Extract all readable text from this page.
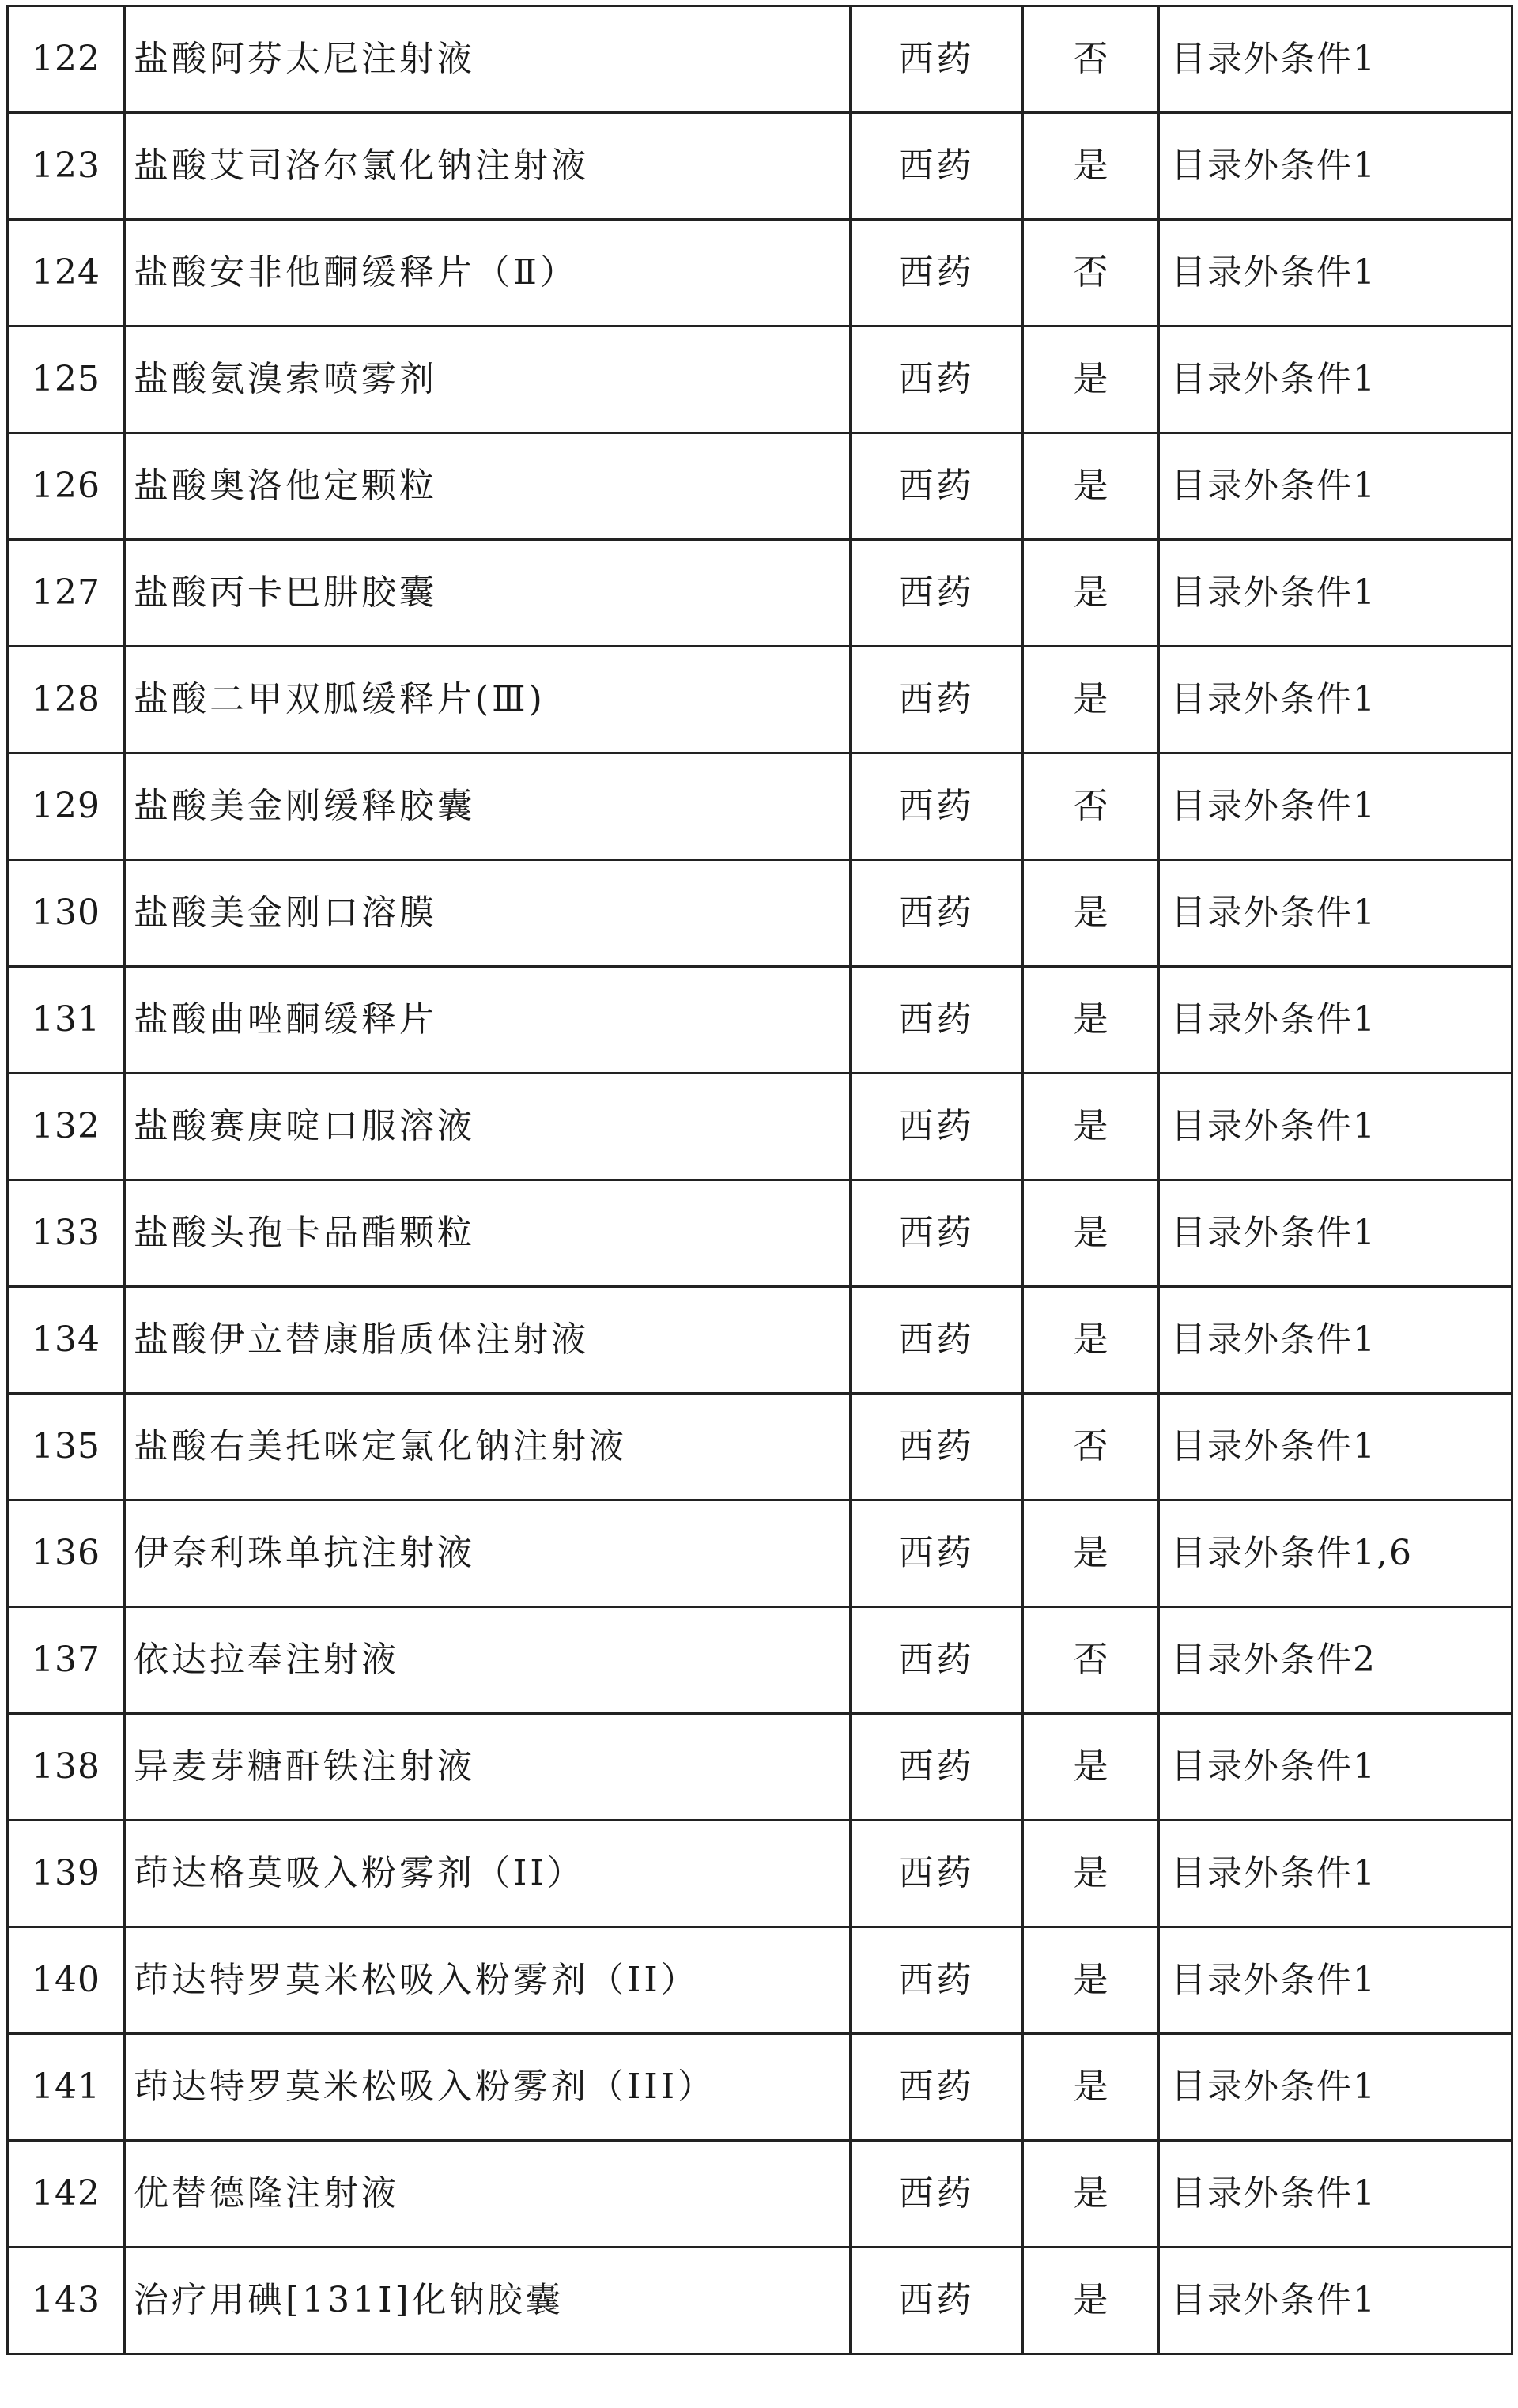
122	盐酸阿芬太尼注射液	西药	否	目录外条件1
123	盐酸艾司洛尔氯化钠注射液	西药	是	目录外条件1
124	盐酸安非他酮缓释片（Ⅱ）	西药	否	目录外条件1
125	盐酸氨溴索喷雾剂	西药	是	目录外条件1
126	盐酸奥洛他定颗粒	西药	是	目录外条件1
127	盐酸丙卡巴肼胶囊	西药	是	目录外条件1
128	盐酸二甲双胍缓释片(Ⅲ)	西药	是	目录外条件1
129	盐酸美金刚缓释胶囊	西药	否	目录外条件1
130	盐酸美金刚口溶膜	西药	是	目录外条件1
131	盐酸曲唑酮缓释片	西药	是	目录外条件1
132	盐酸赛庚啶口服溶液	西药	是	目录外条件1
133	盐酸头孢卡品酯颗粒	西药	是	目录外条件1
134	盐酸伊立替康脂质体注射液	西药	是	目录外条件1
135	盐酸右美托咪定氯化钠注射液	西药	否	目录外条件1
136	伊奈利珠单抗注射液	西药	是	目录外条件1,6
137	依达拉奉注射液	西药	否	目录外条件2
138	异麦芽糖酐铁注射液	西药	是	目录外条件1
139	茚达格莫吸入粉雾剂（II）	西药	是	目录外条件1
140	茚达特罗莫米松吸入粉雾剂（II）	西药	是	目录外条件1
141	茚达特罗莫米松吸入粉雾剂（III）	西药	是	目录外条件1
142	优替德隆注射液	西药	是	目录外条件1
143	治疗用碘[131I]化钠胶囊	西药	是	目录外条件1
